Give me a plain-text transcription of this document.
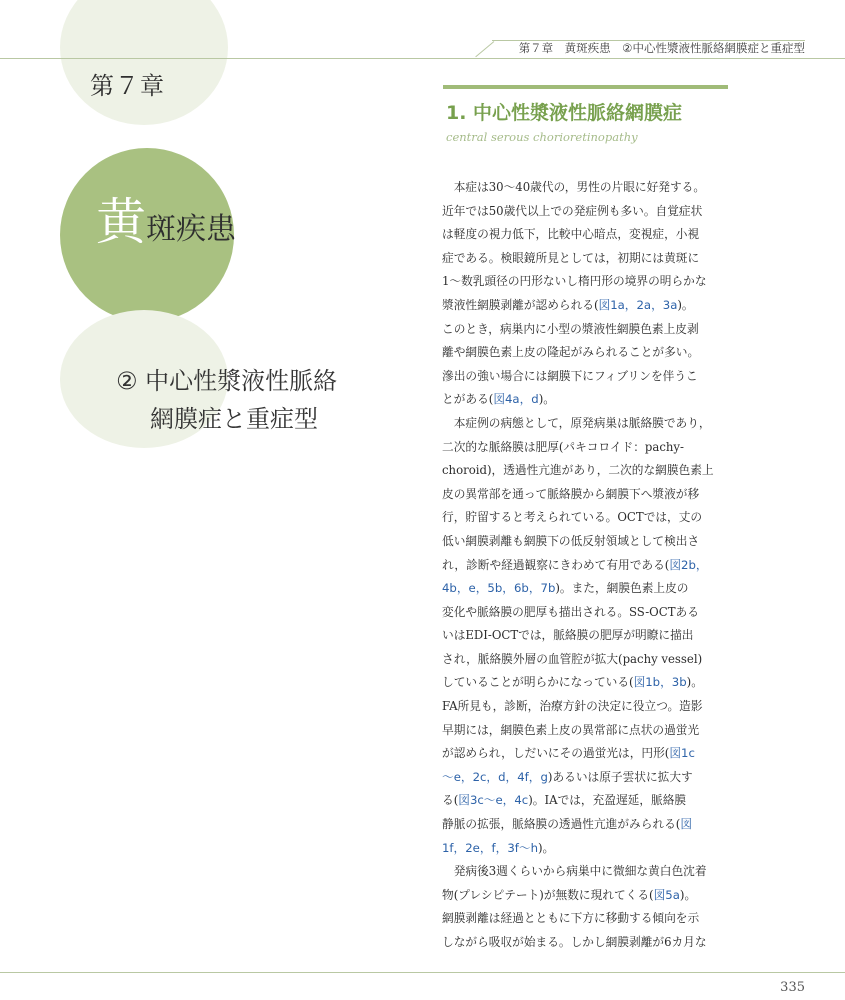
第７章　黄斑疾患　②中心性漿液性脈絡網膜症と重症型
第７章
黄斑疾患
② 中心性漿液性脈絡
網膜症と重症型
1. 中心性漿液性脈絡網膜症
central serous chorioretinopathy
　本症は30～40歳代の，男性の片眼に好発する。
近年では50歳代以上での発症例も多い。自覚症状
は軽度の視力低下，比較中心暗点，変視症，小視
症である。検眼鏡所見としては，初期には黄斑に
1～数乳頭径の円形ないし楕円形の境界の明らかな
漿液性網膜剥離が認められる(図1a，2a，3a)。
このとき，病巣内に小型の漿液性網膜色素上皮剥
離や網膜色素上皮の隆起がみられることが多い。
滲出の強い場合には網膜下にフィブリンを伴うこ
とがある(図4a，d)。
　本症例の病態として，原発病巣は脈絡膜であり，
二次的な脈絡膜は肥厚(パキコロイド：pachy-
choroid)，透過性亢進があり，二次的な網膜色素上
皮の異常部を通って脈絡膜から網膜下へ漿液が移
行，貯留すると考えられている。OCTでは，丈の
低い網膜剥離も網膜下の低反射領域として検出さ
れ，診断や経過観察にきわめて有用である(図2b，
4b，e，5b，6b，7b)。また，網膜色素上皮の
変化や脈絡膜の肥厚も描出される。SS-OCTある
いはEDI-OCTでは，脈絡膜の肥厚が明瞭に描出
され，脈絡膜外層の血管腔が拡大(pachy vessel)
していることが明らかになっている(図1b，3b)。
FA所見も，診断，治療方針の決定に役立つ。造影
早期には，網膜色素上皮の異常部に点状の過蛍光
が認められ，しだいにその過蛍光は，円形(図1c
～e，2c，d，4f，g)あるいは原子雲状に拡大す
る(図3c～e，4c)。IAでは，充盈遅延，脈絡膜
静脈の拡張，脈絡膜の透過性亢進がみられる(図
1f，2e，f，3f～h)。
　発病後3週くらいから病巣中に微細な黄白色沈着
物(プレシピテート)が無数に現れてくる(図5a)。
網膜剥離は経過とともに下方に移動する傾向を示
しながら吸収が始まる。しかし網膜剥離が6カ月な
335
